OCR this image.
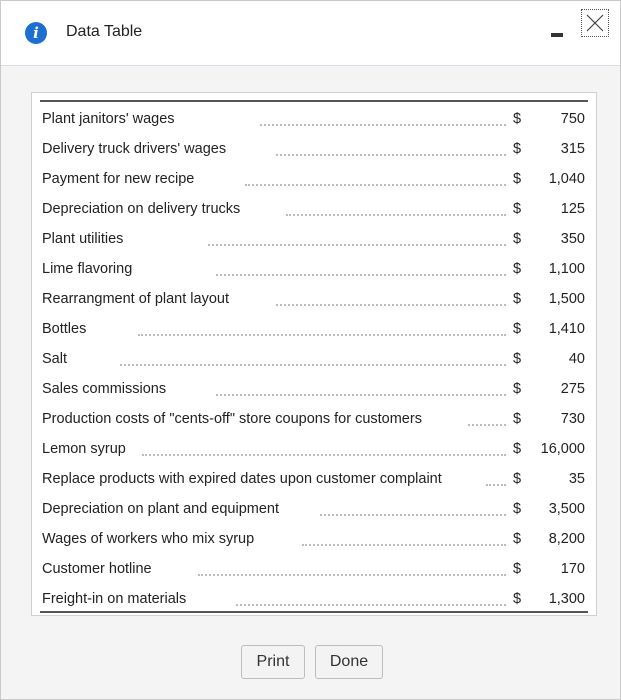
i	Data Table
Plant janitors' wages	$	750
Delivery truck drivers' wages	$	315
Payment for new recipe	$ 1,040
Depreciation on delivery trucks	$	125
Plant utilities	$	350
Lime flavoring	$ 1,100
Rearrangment of plant layout	$ 1,500
Bottles	$ 1,410
Salt	$	40
Sales commissions	$	275
Production costs of "cents-off" store coupons for customers	$	730
Lemon syrup	$ 16,000
Replace products with expired dates upon customer complaint	$	35
Depreciation on plant and equipment	$ 3,500
Wages of workers who mix syrup	$ 8,200
Customer hotline	$	170
Freight-in on materials	$ 1,300
Print	Done
